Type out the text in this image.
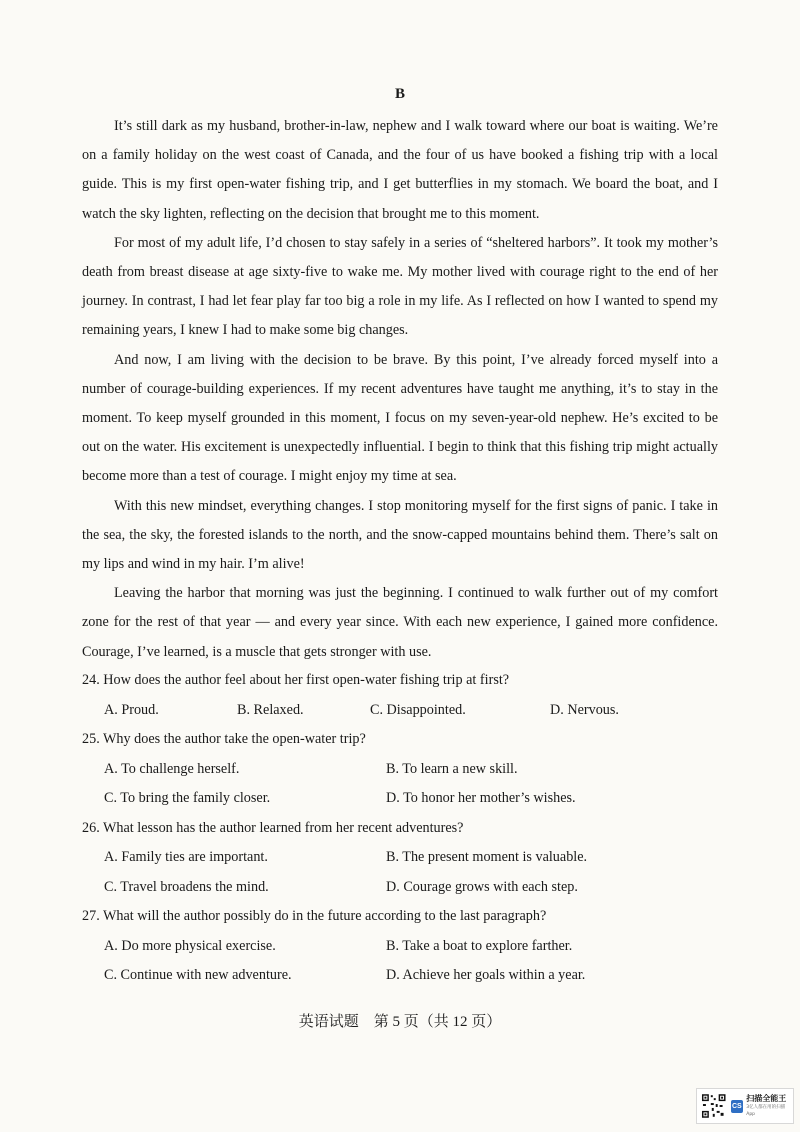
B

It’s still dark as my husband, brother-in-law, nephew and I walk toward where our boat is waiting. We’re on a family holiday on the west coast of Canada, and the four of us have booked a fishing trip with a local guide. This is my first open-water fishing trip, and I get butterflies in my stomach. We board the boat, and I watch the sky lighten, reflecting on the decision that brought me to this moment.

For most of my adult life, I’d chosen to stay safely in a series of “sheltered harbors”. It took my mother’s death from breast disease at age sixty-five to wake me. My mother lived with courage right to the end of her journey. In contrast, I had let fear play far too big a role in my life. As I reflected on how I wanted to spend my remaining years, I knew I had to make some big changes.

And now, I am living with the decision to be brave. By this point, I’ve already forced myself into a number of courage-building experiences. If my recent adventures have taught me anything, it’s to stay in the moment. To keep myself grounded in this moment, I focus on my seven-year-old nephew. He’s excited to be out on the water. His excitement is unexpectedly influential. I begin to think that this fishing trip might actually become more than a test of courage. I might enjoy my time at sea.

With this new mindset, everything changes. I stop monitoring myself for the first signs of panic. I take in the sea, the sky, the forested islands to the north, and the snow-capped mountains behind them. There’s salt on my lips and wind in my hair. I’m alive!

Leaving the harbor that morning was just the beginning. I continued to walk further out of my comfort zone for the rest of that year — and every year since. With each new experience, I gained more confidence. Courage, I’ve learned, is a muscle that gets stronger with use.

24. How does the author feel about her first open-water fishing trip at first?
A. Proud.	B. Relaxed.	C. Disappointed.	D. Nervous.
25. Why does the author take the open-water trip?
A. To challenge herself.	B. To learn a new skill.
C. To bring the family closer.	D. To honor her mother’s wishes.
26. What lesson has the author learned from her recent adventures?
A. Family ties are important.	B. The present moment is valuable.
C. Travel broadens the mind.	D. Courage grows with each step.
27. What will the author possibly do in the future according to the last paragraph?
A. Do more physical exercise.	B. Take a boat to explore farther.
C. Continue with new adventure.	D. Achieve her goals within a year.
英语试题　第 5 页（共 12 页）
CS
扫描全能王
3亿人都在用的扫描App
